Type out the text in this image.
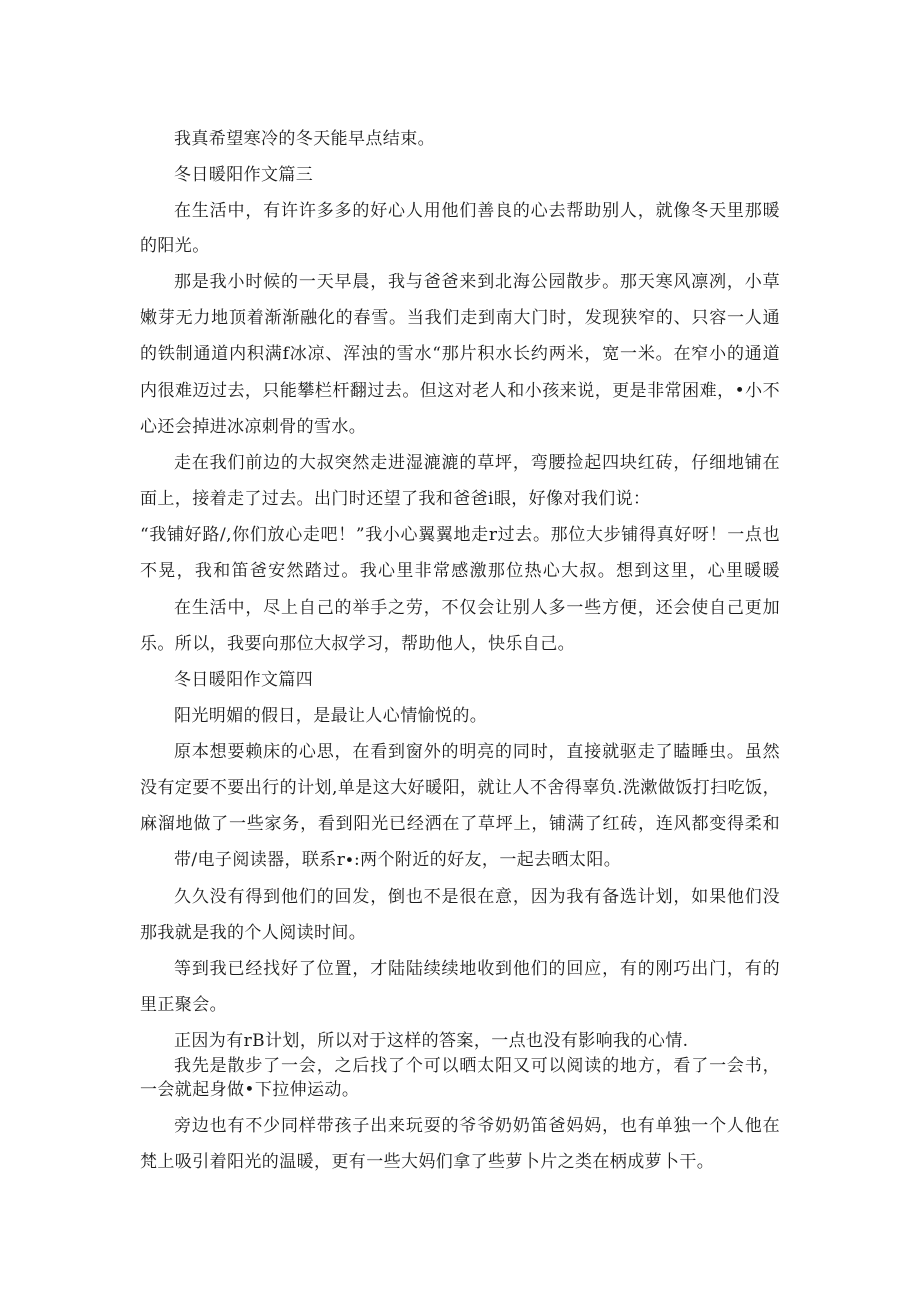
我真希望寒冷的冬天能早点结束。
冬日暖阳作文篇三
在生活中，有许许多多的好心人用他们善良的心去帮助别人，就像冬天里那暖
的阳光。
那是我小时候的一天早晨，我与爸爸来到北海公园散步。那天寒风凛冽，小草
嫩芽无力地顶着渐渐融化的春雪。当我们走到南大门时，发现狭窄的、只容一人通
的铁制通道内积满f冰凉、浑浊的雪水“那片积水长约两米，宽一米。在窄小的通道
内很难迈过去，只能攀栏杆翻过去。但这对老人和小孩来说，更是非常困难，•小不
心还会掉进冰凉刺骨的雪水。
走在我们前边的大叔突然走进湿漉漉的草坪，弯腰捡起四块红砖，仔细地铺在
面上，接着走了过去。出门时还望了我和爸爸i眼，好像对我们说：
“我铺好路/,你们放心走吧！”我小心翼翼地走r过去。那位大步铺得真好呀！一点也
不晃，我和笛爸安然踏过。我心里非常感激那位热心大叔。想到这里，心里暖暖
在生活中，尽上自己的举手之劳，不仅会让别人多一些方便，还会使自己更加
乐。所以，我要向那位大叔学习，帮助他人，快乐自己。
冬日暖阳作文篇四
阳光明媚的假日，是最让人心情愉悦的。
原本想要赖床的心思，在看到窗外的明亮的同时，直接就驱走了瞌睡虫。虽然
没有定要不要出行的计划,单是这大好暖阳，就让人不舍得辜负.洗漱做饭打扫吃饭，
麻溜地做了一些家务，看到阳光已经洒在了草坪上，铺满了红砖，连风都变得柔和
带/电子阅读器，联系r∙:两个附近的好友，一起去晒太阳。
久久没有得到他们的回发，倒也不是很在意，因为我有备选计划，如果他们没
那我就是我的个人阅读时间。
等到我已经找好了位置，才陆陆续续地收到他们的回应，有的刚巧出门，有的
里正聚会。
正因为有rB计划，所以对于这样的答案，一点也没有影响我的心情.
我先是散步了一会，之后找了个可以晒太阳又可以阅读的地方，看了一会书，
一会就起身做•下拉伸运动。
旁边也有不少同样带孩子出来玩耍的爷爷奶奶笛爸妈妈，也有单独一个人他在
梵上吸引着阳光的温暖，更有一些大妈们拿了些萝卜片之类在柄成萝卜干。
